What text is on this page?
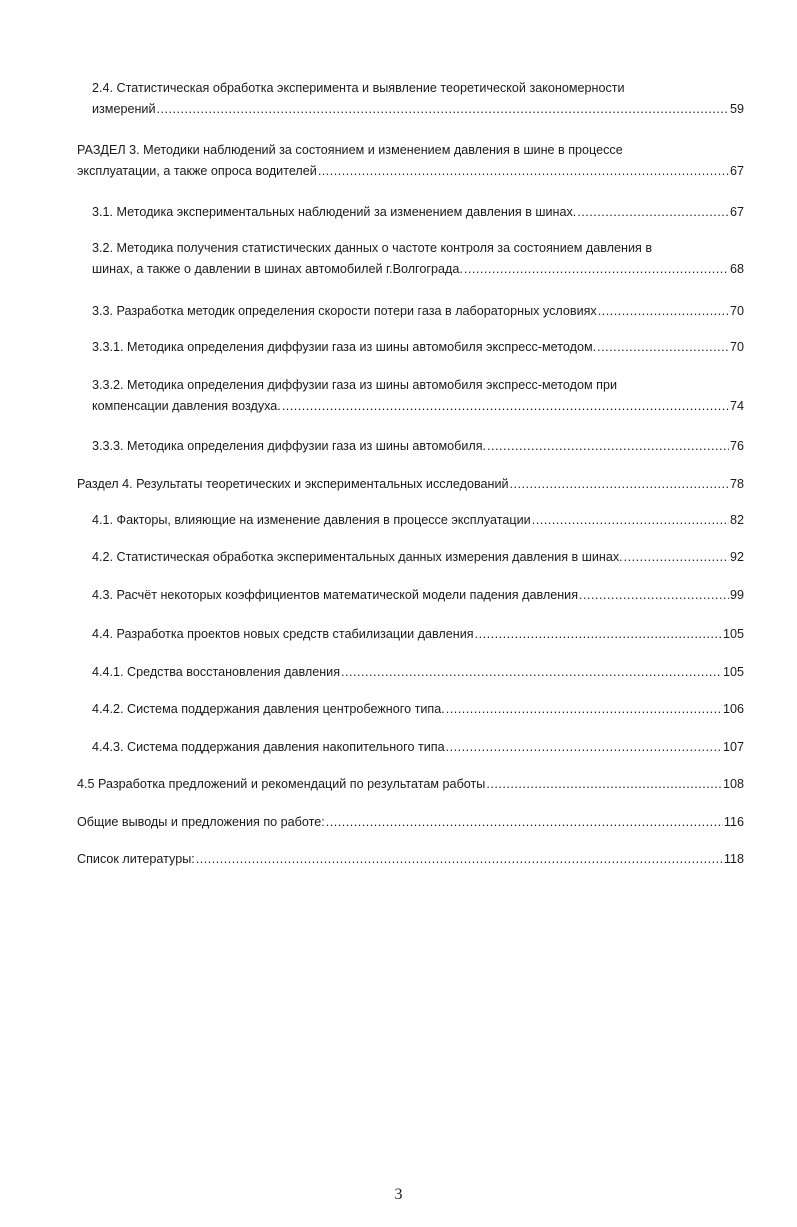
2.4. Статистическая обработка эксперимента и выявление теоретической закономерности
измерений .....	59
РАЗДЕЛ 3. Методики наблюдений за состоянием и изменением давления в шине в процессе
эксплуатации, а также опроса водителей .....	67
3.1. Методика экспериментальных наблюдений за изменением давления в шинах. .....	67
3.2. Методика получения статистических данных о частоте контроля за состоянием давления в
шинах, а также о давлении в шинах автомобилей г.Волгограда. .....	68
3.3. Разработка методик определения скорости потери газа в лабораторных условиях .....	70
3.3.1. Методика определения диффузии газа из шины автомобиля экспресс-методом. .....	70
3.3.2. Методика определения диффузии газа из шины автомобиля экспресс-методом при
компенсации давления воздуха. .....	74
3.3.3. Методика определения диффузии газа из шины автомобиля. .....	76
Раздел 4. Результаты теоретических и экспериментальных исследований .....	78
4.1. Факторы, влияющие на изменение давления в процессе эксплуатации .....	82
4.2. Статистическая обработка экспериментальных данных измерения давления в шинах. .....	92
4.3. Расчёт некоторых коэффициентов математической модели падения давления .....	99
4.4. Разработка проектов новых средств стабилизации давления .....	105
4.4.1. Средства восстановления давления .....	105
4.4.2. Система поддержания давления центробежного типа. .....	106
4.4.3. Система поддержания давления накопительного типа .....	107
4.5 Разработка предложений и рекомендаций по результатам работы .....	108
Общие выводы и предложения по работе: .....	116
Список литературы: .....	118
3
